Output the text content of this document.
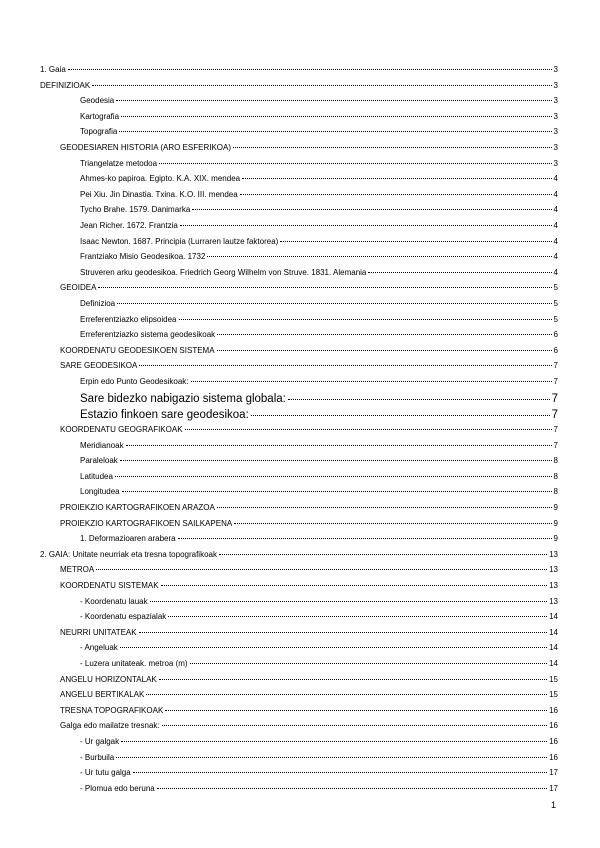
1. Gaia	3
DEFINIZIOAK	3
Geodesia	3
Kartografia	3
Topografia	3
GEODESIAREN HISTORIA (ARO ESFERIKOA)	3
Triangelatze metodoa	3
Ahmes-ko papiroa. Egipto. K.A. XIX. mendea	4
Pei Xiu. Jin Dinastia. Txina. K.O. III. mendea	4
Tycho Brahe. 1579. Danimarka	4
Jean Richer. 1672. Frantzia	4
Isaac Newton. 1687. Principia (Lurraren lautze faktorea)	4
Frantziako Misio Geodesikoa. 1732	4
Struveren arku geodesikoa. Friedrich Georg Wilhelm von Struve. 1831. Alemania	4
GEOIDEA	5
Definizioa	5
Erreferentziazko elipsoidea	5
Erreferentziazko sistema geodesikoak	6
KOORDENATU GEODESIKOEN SISTEMA	6
SARE GEODESIKOA	7
Erpin edo Punto Geodesikoak:	7
Sare bidezko nabigazio sistema globala:	7
Estazio finkoen sare geodesikoa:	7
KOORDENATU GEOGRAFIKOAK	7
Meridianoak	7
Paraleloak	8
Latitudea	8
Longitudea	8
PROIEKZIO KARTOGRAFIKOEN ARAZOA	9
PROIEKZIO KARTOGRAFIKOEN SAILKAPENA	9
1. Deformazioaren arabera	9
2. GAIA: Unitate neurriak eta tresna topografikoak	13
METROA	13
KOORDENATU SISTEMAK	13
- Koordenatu lauak	13
- Koordenatu espazialak	14
NEURRI UNITATEAK	14
- Angeluak	14
- Luzera unitateak. metroa (m)	14
ANGELU HORIZONTALAK	15
ANGELU BERTIKALAK	15
TRESNA TOPOGRAFIKOAK	16
Galga edo mailatze tresnak:	16
- Ur galgak	16
- Burbuila	16
- Ur tutu galga	17
- Plomua edo beruna	17
1
